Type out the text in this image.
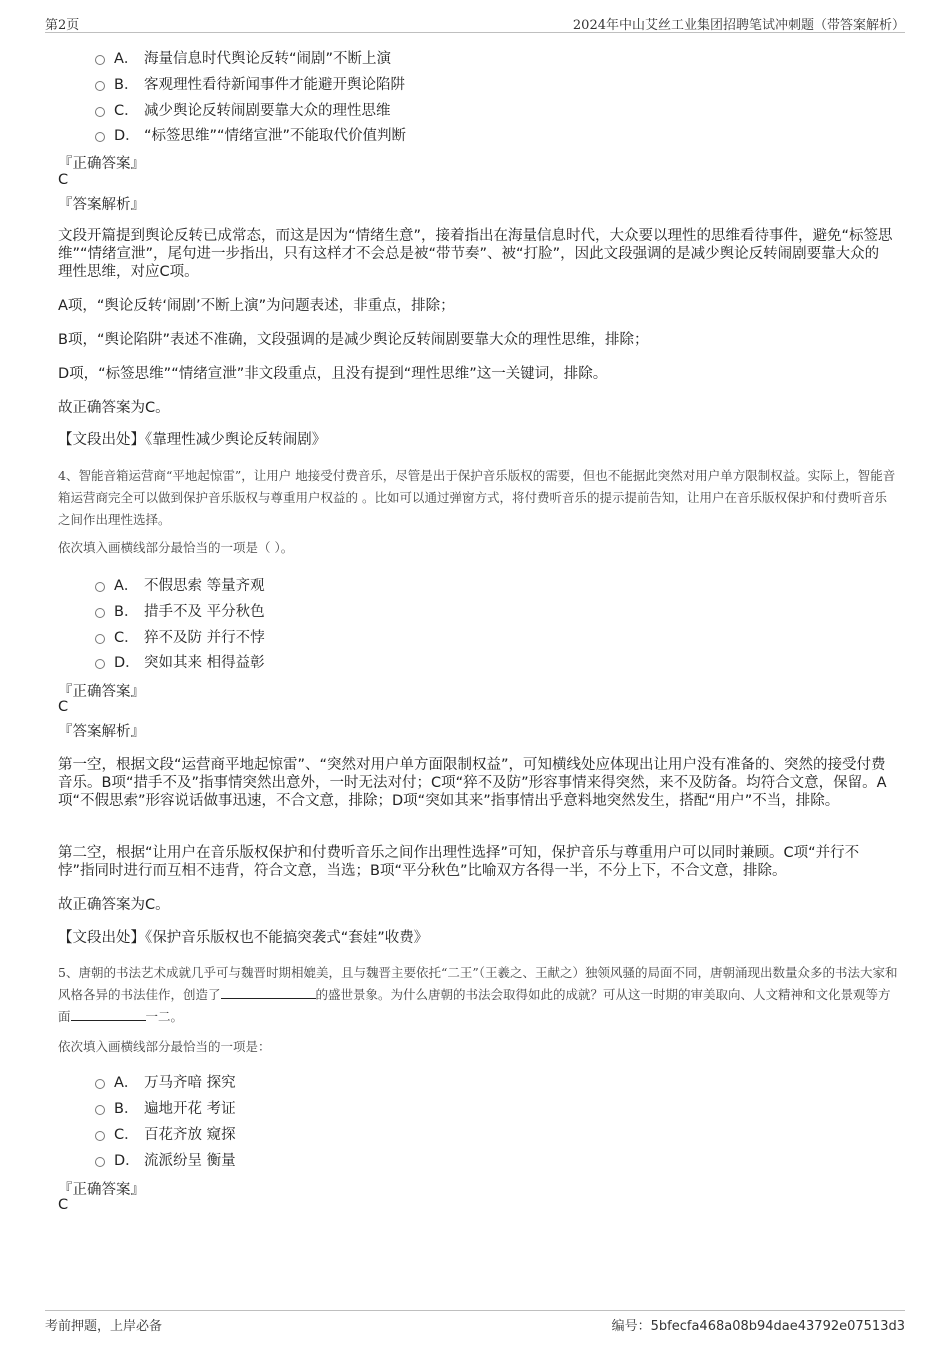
第2页	2024年中山艾丝工业集团招聘笔试冲刺题（带答案解析）
A． 海量信息时代舆论反转“闹剧”不断上演
B． 客观理性看待新闻事件才能避开舆论陷阱
C． 减少舆论反转闹剧要靠大众的理性思维
D． “标签思维”“情绪宣泄”不能取代价值判断
『正确答案』
C
『答案解析』
文段开篇提到舆论反转已成常态，而这是因为“情绪生意”，接着指出在海量信息时代，大众要以理性的思维看待事件，避免“标签思维”“情绪宣泄”，尾句进一步指出，只有这样才不会总是被“带节奏”、被“打脸”，因此文段强调的是减少舆论反转闹剧要靠大众的理性思维，对应C项。
A项，“舆论反转‘闹剧’不断上演”为问题表述，非重点，排除；
B项，“舆论陷阱”表述不准确，文段强调的是减少舆论反转闹剧要靠大众的理性思维，排除；
D项，“标签思维”“情绪宣泄”非文段重点，且没有提到“理性思维”这一关键词，排除。
故正确答案为C。
【文段出处】《靠理性减少舆论反转闹剧》
4、智能音箱运营商“平地起惊雷”，让用户 地接受付费音乐，尽管是出于保护音乐版权的需要，但也不能据此突然对用户单方限制权益。实际上，智能音箱运营商完全可以做到保护音乐版权与尊重用户权益的 。比如可以通过弹窗方式，将付费听音乐的提示提前告知，让用户在音乐版权保护和付费听音乐之间作出理性选择。
依次填入画横线部分最恰当的一项是（ ）。
A． 不假思索 等量齐观
B． 措手不及 平分秋色
C． 猝不及防 并行不悖
D． 突如其来 相得益彰
『正确答案』
C
『答案解析』
第一空，根据文段“运营商平地起惊雷”、“突然对用户单方面限制权益”，可知横线处应体现出让用户没有准备的、突然的接受付费音乐。B项“措手不及”指事情突然出意外，一时无法对付；C项“猝不及防”形容事情来得突然，来不及防备。均符合文意，保留。A项“不假思索”形容说话做事迅速，不合文意，排除；D项“突如其来”指事情出乎意料地突然发生，搭配“用户”不当，排除。
第二空，根据“让用户在音乐版权保护和付费听音乐之间作出理性选择”可知，保护音乐与尊重用户可以同时兼顾。C项“并行不悖”指同时进行而互相不违背，符合文意，当选；B项“平分秋色”比喻双方各得一半，不分上下，不合文意，排除。
故正确答案为C。
【文段出处】《保护音乐版权也不能搞突袭式“套娃”收费》
5、唐朝的书法艺术成就几乎可与魏晋时期相媲美，且与魏晋主要依托“二王”（王羲之、王献之）独领风骚的局面不同，唐朝涌现出数量众多的书法大家和风格各异的书法佳作，创造了	的盛世景象。为什么唐朝的书法会取得如此的成就？可从这一时期的审美取向、人文精神和文化景观等方面	一二。
依次填入画横线部分最恰当的一项是：
A． 万马齐喑 探究
B． 遍地开花 考证
C． 百花齐放 窥探
D． 流派纷呈 衡量
『正确答案』
C
考前押题，上岸必备	编号：5bfecfa468a08b94dae43792e07513d3
